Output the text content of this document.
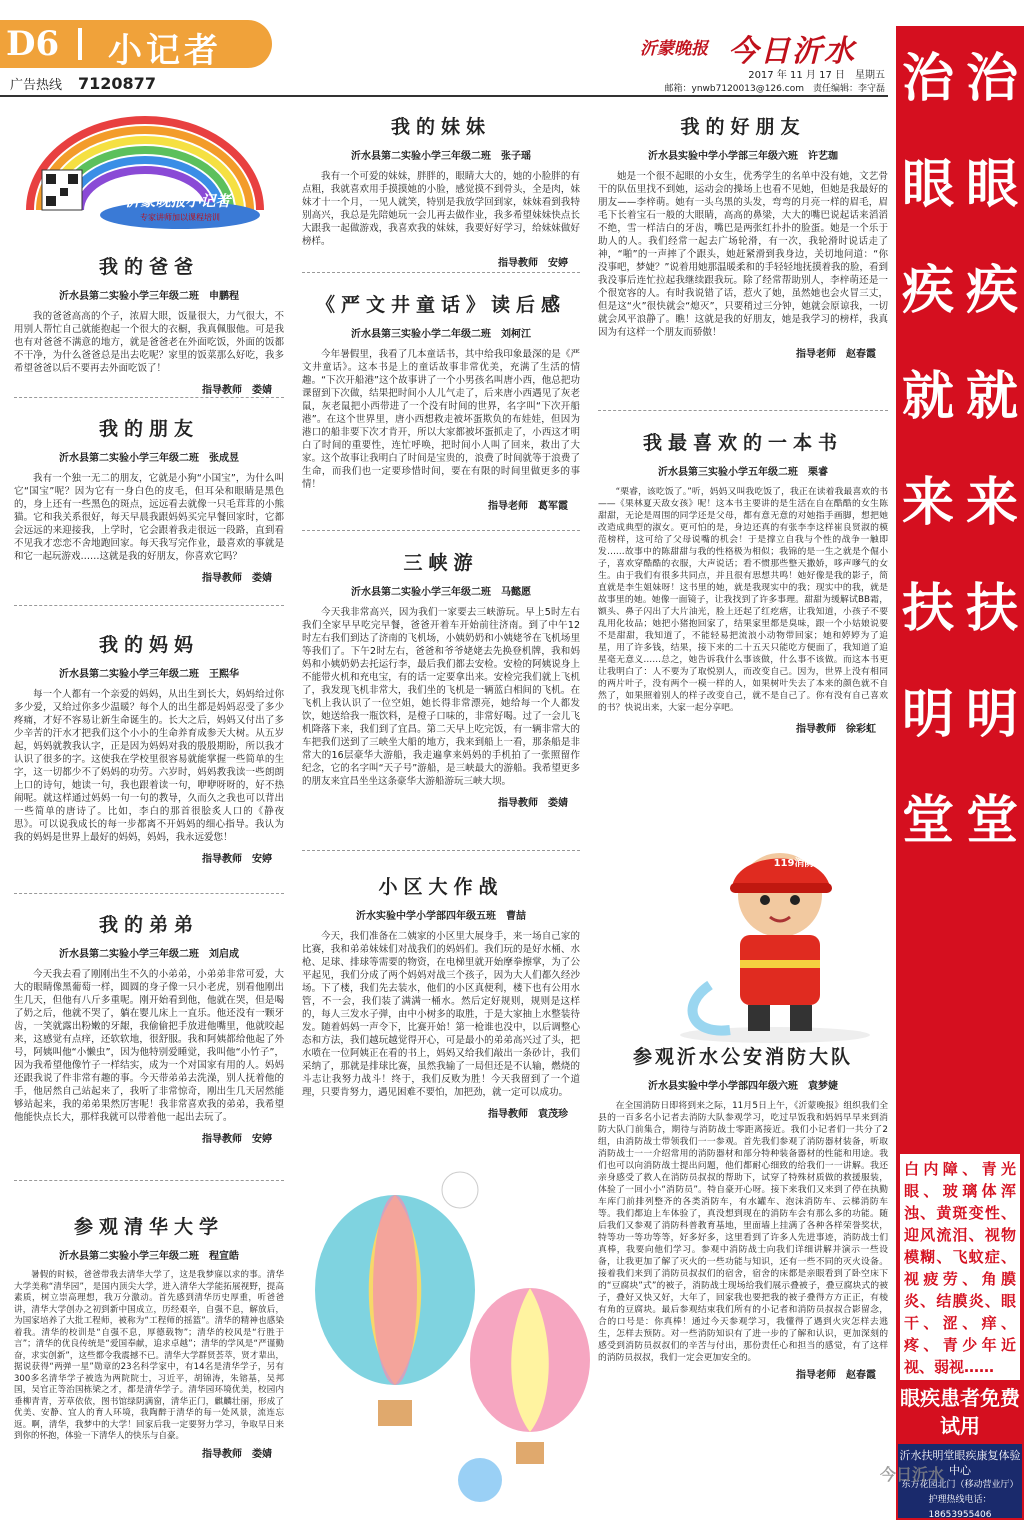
D6 小记者
广告热线 7120877
沂蒙晚报 今日沂水
2017 年 11 月 17 日　星期五
邮箱：ynwb7120013@126.com　 责任编辑：李守磊
沂蒙晚报小记者
专家讲师加以课程培训
我的爸爸
沂水县第二实验小学三年级二班　申鹏程
我的爸爸高高的个子，浓眉大眼，饭量很大，力气很大，不用别人帮忙自己就能抱起一个很大的衣橱，我真佩服他。可是我也有对爸爸不满意的地方，就是爸爸老在外面吃饭，外面的饭都不干净，为什么爸爸总是出去吃呢？家里的饭菜那么好吃，我多希望爸爸以后不要再去外面吃饭了！
指导教师　娄婧
我的朋友
沂水县第二实验小学三年级二班　张成昱
我有一个独一无二的朋友，它就是小狗“小国宝”，为什么叫它“国宝”呢？因为它有一身白色的皮毛，但耳朵和眼睛是黑色的，身上还有一些黑色的斑点，远远看去就像一只毛茸茸的小熊猫。它和我关系很好，每天早晨我跟妈妈买完早餐回家时，它都会远远的来迎接我，上学时，它会跟着我走很远一段路，直到看不见我才恋恋不舍地跑回家。每天我写完作业，最喜欢的事就是和它一起玩游戏……这就是我的好朋友，你喜欢它吗？
指导教师　娄婧
我的妈妈
沂水县第二实验小学三年级二班　王熙华
每一个人都有一个亲爱的妈妈，从出生到长大，妈妈给过你多少爱，又给过你多少温暖？每个人的出生都是妈妈忍受了多少疼痛，才好不容易让新生命诞生的。长大之后，妈妈又付出了多少辛苦的汗水才把我们这个小小的生命养育成参天大树。从五岁起，妈妈就教我认字，正是因为妈妈对我的殷殷期盼，所以我才认识了很多的字。这使我在学校里很容易就能掌握一些简单的生字，这一切都少不了妈妈的功劳。六岁时，妈妈教我读一些朗朗上口的诗句，她读一句，我也跟着读一句，咿咿呀呀的，好不热闹呢。就这样通过妈妈一句一句的教导，久而久之我也可以背出一些简单的唐诗了。比如，李白的那首很脍炙人口的《静夜思》。可以说我成长的每一步都离不开妈妈的细心指导。我认为我的妈妈是世界上最好的妈妈，妈妈，我永远爱您！
指导教师　安婷
我的弟弟
沂水县第二实验小学三年级二班　刘启成
今天我去看了刚刚出生不久的小弟弟，小弟弟非常可爱，大大的眼睛像黑葡萄一样，圆圆的身子像一只小老虎，别看他刚出生几天，但他有八斤多重呢。刚开始看到他，他就在哭，但是喝了奶之后，他就不哭了，躺在婴儿床上一直乐。他还没有一颗牙齿，一笑就露出粉嫩的牙龈，我偷偷把手放进他嘴里，他就咬起来，这感觉有点痒，还软软地，很舒服。我和阿姨都给他起了外号，阿姨叫他“小懒虫”，因为他特别爱睡觉，我叫他“小竹子”，因为我希望他像竹子一样结实，成为一个对国家有用的人。妈妈还跟我说了件非常有趣的事。今天带弟弟去洗澡，别人抚着他的手，他居然自己站起来了，我听了非常惊奇，刚出生几天居然能够站起来，我的弟弟果然厉害呢！我非常喜欢我的弟弟，我希望他能快点长大，那样我就可以带着他一起出去玩了。
指导教师　安婷
参观清华大学
沂水县第二实验小学三年级二班　程宣皓
暑假的时候，爸爸带我去清华大学了，这是我梦寐以求的事。清华大学美称“清华园”，是国内顶尖大学，进入清华大学能拓展视野，提高素质，树立崇高理想，我万分激动。首先感到清华历史厚重，听爸爸讲，清华大学创办之初到新中国成立，历经艰辛，自强不息，解放后，为国家培养了大批工程师，被称为“工程师的摇篮”。清华的精神也感染着我。清华的校训是“自强不息，厚德载物”；清华的校风是“行胜于言”；清华的优良传统是“爱国奉献，追求卓越”；清华的学风是“严谨勤奋，求实创新”，这些都令我震撼不已。清华大学群贤荟萃，贤才辈出，据说获得“两弹一星”勋章的23名科学家中，有14名是清华学子，另有300多名清华学子被选为两院院士，习近平，胡锦涛，朱镕基，吴邦国，吴官正等治国栋梁之才，都是清华学子。清华园环境优美，校园内垂柳青青，芳草依依，图书馆绿阴满窗，清华正门，麒麟壮丽，形成了优美、安静、宜人的育人环境，我陶醉于清华的每一处风景，流连忘返。啊，清华，我梦中的大学！回家后我一定要努力学习，争取早日来到你的怀抱，体验一下清华人的快乐与自豪。
指导教师　娄婧
我的妹妹
沂水县第二实验小学三年级二班　张子瑶
我有一个可爱的妹妹，胖胖的，眼睛大大的，她的小脸胖的有点粗，我就喜欢用手摸摸她的小脸，感觉摸不到骨头，全是肉，妹妹才十一个月，一见人就笑，特别是我放学回到家，妹妹看到我特别高兴，我总是先陪她玩一会儿再去做作业，我多希望妹妹快点长大跟我一起做游戏，我喜欢我的妹妹，我要好好学习，给妹妹做好榜样。
指导教师　安婷
《严文井童话》读后感
沂水县第三实验小学二年级二班　刘柯江
今年暑假里，我看了几本童话书，其中给我印象最深的是《严文井童话》。这本书是上的童话故事非常优美，充满了生活的情趣。“下次开船港”这个故事讲了一个小男孩名叫唐小西，他总把功课留到下次做，结果把时间小人儿气走了，后来唐小西遇见了灰老鼠，灰老鼠把小西带进了一个没有时间的世界，名字叫“下次开船港”。在这个世界里，唐小西想救走被坏蛋欺负的布娃娃，但因为港口的船非要下次才肯开，所以大家都被坏蛋抓走了，小西这才明白了时间的重要性，连忙呼唤，把时间小人叫了回来，救出了大家。这个故事让我明白了时间是宝贵的，浪费了时间就等于浪费了生命，而我们也一定要珍惜时间，要在有限的时间里做更多的事情！
指导老师　葛军霞
三峡游
沂水县第二实验小学三年级二班　马懿愿
今天我非常高兴，因为我们一家要去三峡游玩。早上5时左右我们全家早早吃完早餐，爸爸开着车开始前往济南。到了中午12时左右我们到达了济南的飞机场，小姨奶奶和小姨姥爷在飞机场里等我们了。下午2时左右，爸爸和爷爷姥姥去先换登机牌，我和妈妈和小姨奶奶去托运行李，最后我们都去安检。安检的阿姨说身上不能带火机和充电宝，有的话一定要拿出来。安检完我们就上飞机了，我发现飞机非常大，我们坐的飞机是一辆蓝白相间的飞机。在飞机上我认识了一位空姐，她长得非常漂亮，她给每一个人都发饮，她送给我一瓶饮料，是橙子口味的，非常好喝。过了一会儿飞机降落下来，我们到了宜昌。第二天早上吃完饭，有一辆非常大的车把我们送到了三峡坐大船的地方，我来到船上一看，那条船是非常大的16层豪华大游船，我走遍拿来妈妈的手机拍了一张照留作纪念，它的名字叫“天子号”游船，是三峡最大的游船。我希望更多的朋友来宜昌坐坐这条豪华大游船游玩三峡大坝。
指导教师　娄婧
小区大作战
沂水实验中学小学部四年级五班　曹喆
今天，我们准备在二姨家的小区里大展身手，来一场自己家的比赛，我和弟弟妹妹们对战我们的妈妈们。我们玩的是好水桶、水枪、足球、排球等需要的物资，在电梯里就开始摩拳擦掌，为了公平起见，我们分成了两个妈妈对战三个孩子，因为大人们都久经沙场。下了楼，我们先去装水，他们的小区真便利，楼下也有公用水管，不一会，我们装了满满一桶水。然后定好规则，规则是这样的，每人三发水子弹，由中小树多的取胜，于是大家抽上水整装待发。随着妈妈一声令下，比赛开始！第一枪谁也没中，以后调整心态和方法，我们越玩越觉得开心，可是最小的弟弟高兴过了头，把水喷在一位阿姨正在看的书上，妈妈又给我们敲出一条砂计，我们采纳了，那就是排球比赛，虽然我输了一局但还是不认输，燃烧的斗志让我努力战斗！终于，我们反败为胜！今天我留到了一个道理，只要肯努力，遇见困难不要怕，加把劲，就一定可以成功。
指导教师　袁茂珍
我的好朋友
沂水县实验中学小学部三年级六班　许艺珈
她是一个很不起眼的小女生，优秀学生的名单中没有她，文艺骨干的队伍里找不到她，运动会的操场上也看不见她，但她是我最好的朋友——李梓萌。她有一头乌黑的头发，弯弯的月亮一样的眉毛，眉毛下长着宝石一般的大眼睛，高高的鼻梁，大大的嘴巴说起话来滔滔不绝，雪一样洁白的牙齿，嘴巴是两张红扑扑的脸蛋。她是一个乐于助人的人。我们经常一起去广场轮滑，有一次，我轮滑时说话走了神，“啪”的一声摔了个跟头，她赶紧滑到我身边，关切地问道：“你没事吧，梦婕？”说着用她那温暖柔和的手轻轻地抚摸着我的脸，看到我没事后连忙拉起我继续跟我玩。除了经常帮助别人，李梓萌还是一个很宽容的人。有时我说错了话，惹火了她，虽然她也会火冒三丈，但是这“火”很快就会“熄灭”，只要稍过三分钟，她就会原谅我，一切就会风平浪静了。瞧！这就是我的好朋友，她是我学习的榜样，我真因为有这样一个朋友而骄傲！
指导老师　赵春霞
我最喜欢的一本书
沂水县第三实验小学五年级二班　栗睿
“栗睿，该吃饭了。”听，妈妈又叫我吃饭了，我正在读着我最喜欢的书——《果林夏天敌女孩》呢！这本书主要讲的是生活在自在酷酷的女生陈甜甜，无论是周围的同学还是父母，都有意无意的对她指手画脚，想把她改造成典型的淑女。更可怕的是，身边还真的有张李李这样崔良贤淑的模范榜样，这可给了父母说嘴的机会！于是撑立自我与个性的战争一触即发……故事中的陈甜甜与我的性格极为相似；我锦的是一生之就是个倔小子，喜欢穿酷酷的衣服，大声说话；看不惯那些整天撒娇，哆声嗲气的女生。由于我们有很多共同点，并且很有思想共鸣！她好像是我的影子，简直就是李生姐妹呀！这书里的她，就是我现实中的我；现实中的我，就是故事里的她。她像一面镜子，让我找到了许多事理。甜甜为缓解试BB霜，额头、鼻子闪出了大片油光，脸上还起了红疙瘩，让我知道，小孩子不要乱用化妆品；她把小猪抱回家了，结果家里都是臭味，跟一个小姑娘说要不是甜甜，我知道了，不能轻易把流浪小动物带回家；她和婷婷为了追星，用了许多钱，结果，接下来的二十五天只能吃方便面了，我知道了追星毫无意义……总之，她告诉我什么事该做，什么事不该做。而这本书更让我明白了：人不要为了取悦别人，而改变自己。因为，世界上没有相同的两片叶子，没有两个一模一样的人，如果树叶失去了本来的颜色就不自然了，如果照着别人的样子改变自己，就不是自己了。你有没有自己喜欢的书？快说出来，大家一起分享吧。
指导教师　徐彩虹
119消防
参观沂水公安消防大队
沂水县实验中学小学部四年级六班　袁梦婕
在全国消防日即将到来之际，11月5日上午，《沂蒙晚报》组织我们全县的一百多名小记者去消防大队参观学习，吃过早饭我和妈妈早早来到消防大队门前集合，期待与消防战士零距离接近。我们小记者们一共分了2组，由消防战士带领我们一一参观。首先我们参观了消防器材装备，听取消防战士一一介绍常用的消防器材和部分特种装备器材的性能和用途。我们也可以向消防战士提出问题，他们都耐心细致的给我们一一讲解。我还亲身感受了救人在消防员叔叔的帮助下，试穿了特殊材质做的救援服装，体验了一回小小“消防员”。特自豪开心呀。接下来我们又来到了停在执勤车库门前排列整齐的各类消防车，有水罐车、泡沫消防车、云梯消防车等。我们都迫上车体验了，真没想到现在的消防车会有那么多的功能。随后我们又参观了消防科普教育基地，里面墙上挂满了各种各样荣誉奖状，特等功一等功等等，好多好多，这里看到了许多人先进事迹，消防战士们真棒，我要向他们学习。参观中消防战士向我们详细讲解并演示一些设备，让我更加了解了灭火的一些功能与知识，还有一些不同的灭火设备。接着我们来到了消防员叔叔们的宿舍，宿舍的床都是亲眼看到了卧空床下的“豆腐块”式”的被子，消防战士现场给我们展示叠被子，叠豆腐块式的被子，叠好又快又好，大年了，回家我也要把我的被子叠得方方正正，有棱有角的豆腐块。最后参观结束我们所有的小记者和消防员叔叔合影留念，合的口号是：你真棒！通过今天参观学习，我懂得了遇到火灾怎样去逃生，怎样去预防。对一些消防知识有了进一步的了解和认识，更加深刻的感受到消防员叔叔们的辛苦与付出，那份责任心和担当的感觉，有了这样的消防员叔叔，我们一定会更加安全的。
指导老师　赵春霞
治
眼
疾
就
来
扶
明
堂
治
眼
疾
就
来
扶
明
堂
白内障、青光眼、玻璃体浑浊、黄斑变性、迎风流泪、视物模糊、飞蚊症、视疲劳、角膜炎、结膜炎、眼干、涩、痒、疼、青少年近视、弱视……
眼疾患者免费试用
沂水扶明堂眼疾康复体验中心
东方花园北门（移动营业厅）
护理热线电话：18653955406
今日沂水
